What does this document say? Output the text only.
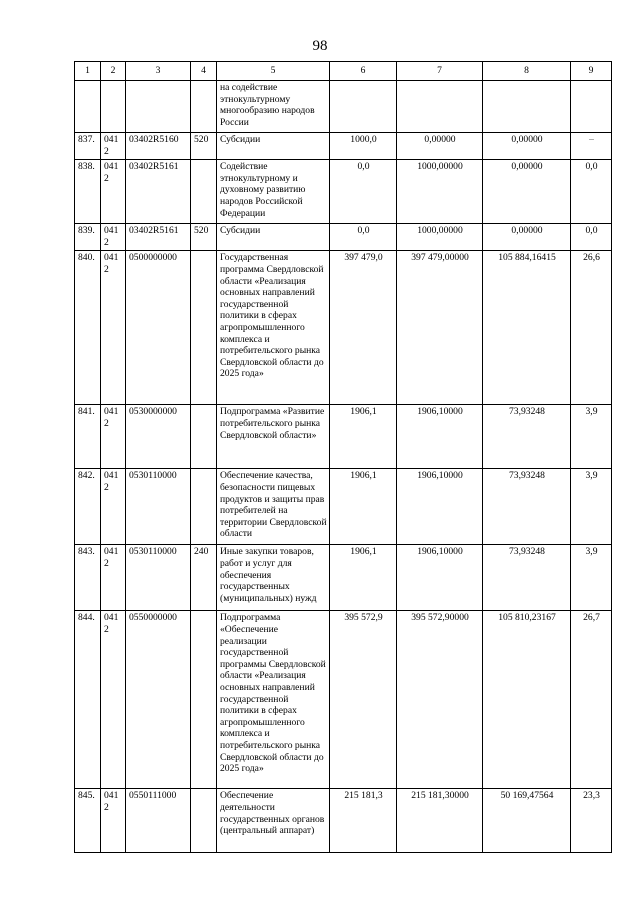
98
1	2	3	4	5	6	7	8	9
				на содействие этнокультурному многообразию народов России				
837.	0412	03402R5160	520	Субсидии	1000,0	0,00000	0,00000	–
838.	0412	03402R5161		Содействие этнокультурному и духовному развитию народов Российской Федерации	0,0	1000,00000	0,00000	0,0
839.	0412	03402R5161	520	Субсидии	0,0	1000,00000	0,00000	0,0
840.	0412	0500000000		Государственная программа Свердловской области «Реализация основных направлений государственной политики в сферах агропромышленного комплекса и потребительского рынка Свердловской области до 2025 года»	397 479,0	397 479,00000	105 884,16415	26,6
841.	0412	0530000000		Подпрограмма «Развитие потребительского рынка Свердловской области»	1906,1	1906,10000	73,93248	3,9
842.	0412	0530110000		Обеспечение качества, безопасности пищевых продуктов и защиты прав потребителей на территории Свердловской области	1906,1	1906,10000	73,93248	3,9
843.	0412	0530110000	240	Иные закупки товаров, работ и услуг для обеспечения государственных (муниципальных) нужд	1906,1	1906,10000	73,93248	3,9
844.	0412	0550000000		Подпрограмма «Обеспечение реализации государственной программы Свердловской области «Реализация основных направлений государственной политики в сферах агропромышленного комплекса и потребительского рынка Свердловской области до 2025 года»	395 572,9	395 572,90000	105 810,23167	26,7
845.	0412	0550111000		Обеспечение деятельности государственных органов (центральный аппарат)	215 181,3	215 181,30000	50 169,47564	23,3
